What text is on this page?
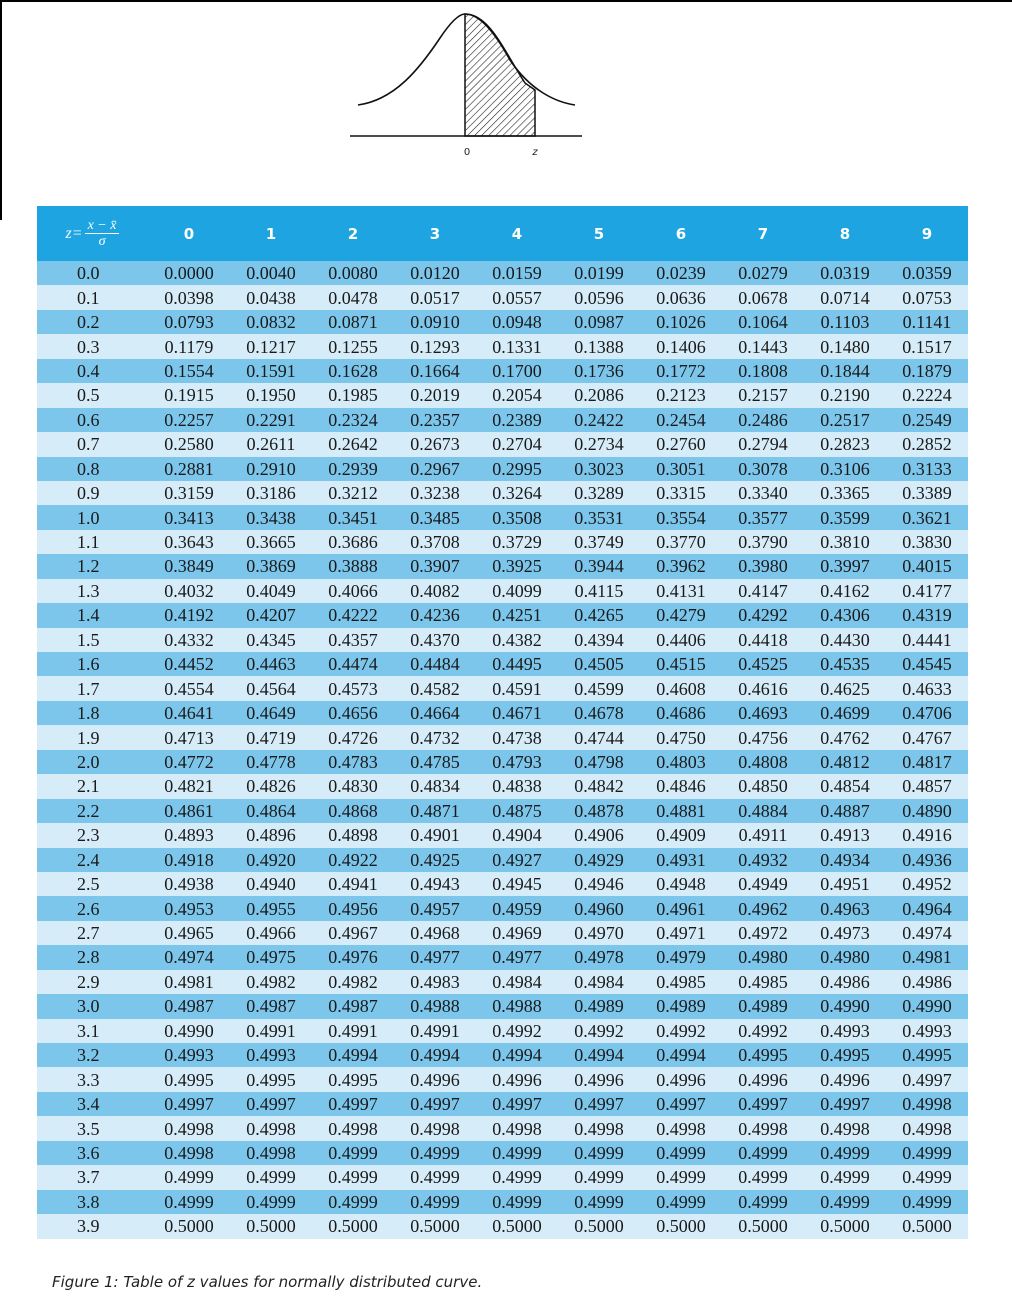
0	z
$z= \frac{x - x̄}{\sigma}$	0	1	2	3	4	5	6	7	8	9
0.0	0.0000	0.0040	0.0080	0.0120	0.0159	0.0199	0.0239	0.0279	0.0319	0.0359
0.1	0.0398	0.0438	0.0478	0.0517	0.0557	0.0596	0.0636	0.0678	0.0714	0.0753
0.2	0.0793	0.0832	0.0871	0.0910	0.0948	0.0987	0.1026	0.1064	0.1103	0.1141
0.3	0.1179	0.1217	0.1255	0.1293	0.1331	0.1388	0.1406	0.1443	0.1480	0.1517
0.4	0.1554	0.1591	0.1628	0.1664	0.1700	0.1736	0.1772	0.1808	0.1844	0.1879
0.5	0.1915	0.1950	0.1985	0.2019	0.2054	0.2086	0.2123	0.2157	0.2190	0.2224
0.6	0.2257	0.2291	0.2324	0.2357	0.2389	0.2422	0.2454	0.2486	0.2517	0.2549
0.7	0.2580	0.2611	0.2642	0.2673	0.2704	0.2734	0.2760	0.2794	0.2823	0.2852
0.8	0.2881	0.2910	0.2939	0.2967	0.2995	0.3023	0.3051	0.3078	0.3106	0.3133
0.9	0.3159	0.3186	0.3212	0.3238	0.3264	0.3289	0.3315	0.3340	0.3365	0.3389
1.0	0.3413	0.3438	0.3451	0.3485	0.3508	0.3531	0.3554	0.3577	0.3599	0.3621
1.1	0.3643	0.3665	0.3686	0.3708	0.3729	0.3749	0.3770	0.3790	0.3810	0.3830
1.2	0.3849	0.3869	0.3888	0.3907	0.3925	0.3944	0.3962	0.3980	0.3997	0.4015
1.3	0.4032	0.4049	0.4066	0.4082	0.4099	0.4115	0.4131	0.4147	0.4162	0.4177
1.4	0.4192	0.4207	0.4222	0.4236	0.4251	0.4265	0.4279	0.4292	0.4306	0.4319
1.5	0.4332	0.4345	0.4357	0.4370	0.4382	0.4394	0.4406	0.4418	0.4430	0.4441
1.6	0.4452	0.4463	0.4474	0.4484	0.4495	0.4505	0.4515	0.4525	0.4535	0.4545
1.7	0.4554	0.4564	0.4573	0.4582	0.4591	0.4599	0.4608	0.4616	0.4625	0.4633
1.8	0.4641	0.4649	0.4656	0.4664	0.4671	0.4678	0.4686	0.4693	0.4699	0.4706
1.9	0.4713	0.4719	0.4726	0.4732	0.4738	0.4744	0.4750	0.4756	0.4762	0.4767
2.0	0.4772	0.4778	0.4783	0.4785	0.4793	0.4798	0.4803	0.4808	0.4812	0.4817
2.1	0.4821	0.4826	0.4830	0.4834	0.4838	0.4842	0.4846	0.4850	0.4854	0.4857
2.2	0.4861	0.4864	0.4868	0.4871	0.4875	0.4878	0.4881	0.4884	0.4887	0.4890
2.3	0.4893	0.4896	0.4898	0.4901	0.4904	0.4906	0.4909	0.4911	0.4913	0.4916
2.4	0.4918	0.4920	0.4922	0.4925	0.4927	0.4929	0.4931	0.4932	0.4934	0.4936
2.5	0.4938	0.4940	0.4941	0.4943	0.4945	0.4946	0.4948	0.4949	0.4951	0.4952
2.6	0.4953	0.4955	0.4956	0.4957	0.4959	0.4960	0.4961	0.4962	0.4963	0.4964
2.7	0.4965	0.4966	0.4967	0.4968	0.4969	0.4970	0.4971	0.4972	0.4973	0.4974
2.8	0.4974	0.4975	0.4976	0.4977	0.4977	0.4978	0.4979	0.4980	0.4980	0.4981
2.9	0.4981	0.4982	0.4982	0.4983	0.4984	0.4984	0.4985	0.4985	0.4986	0.4986
3.0	0.4987	0.4987	0.4987	0.4988	0.4988	0.4989	0.4989	0.4989	0.4990	0.4990
3.1	0.4990	0.4991	0.4991	0.4991	0.4992	0.4992	0.4992	0.4992	0.4993	0.4993
3.2	0.4993	0.4993	0.4994	0.4994	0.4994	0.4994	0.4994	0.4995	0.4995	0.4995
3.3	0.4995	0.4995	0.4995	0.4996	0.4996	0.4996	0.4996	0.4996	0.4996	0.4997
3.4	0.4997	0.4997	0.4997	0.4997	0.4997	0.4997	0.4997	0.4997	0.4997	0.4998
3.5	0.4998	0.4998	0.4998	0.4998	0.4998	0.4998	0.4998	0.4998	0.4998	0.4998
3.6	0.4998	0.4998	0.4999	0.4999	0.4999	0.4999	0.4999	0.4999	0.4999	0.4999
3.7	0.4999	0.4999	0.4999	0.4999	0.4999	0.4999	0.4999	0.4999	0.4999	0.4999
3.8	0.4999	0.4999	0.4999	0.4999	0.4999	0.4999	0.4999	0.4999	0.4999	0.4999
3.9	0.5000	0.5000	0.5000	0.5000	0.5000	0.5000	0.5000	0.5000	0.5000	0.5000
Figure 1: Table of z values for normally distributed curve.
